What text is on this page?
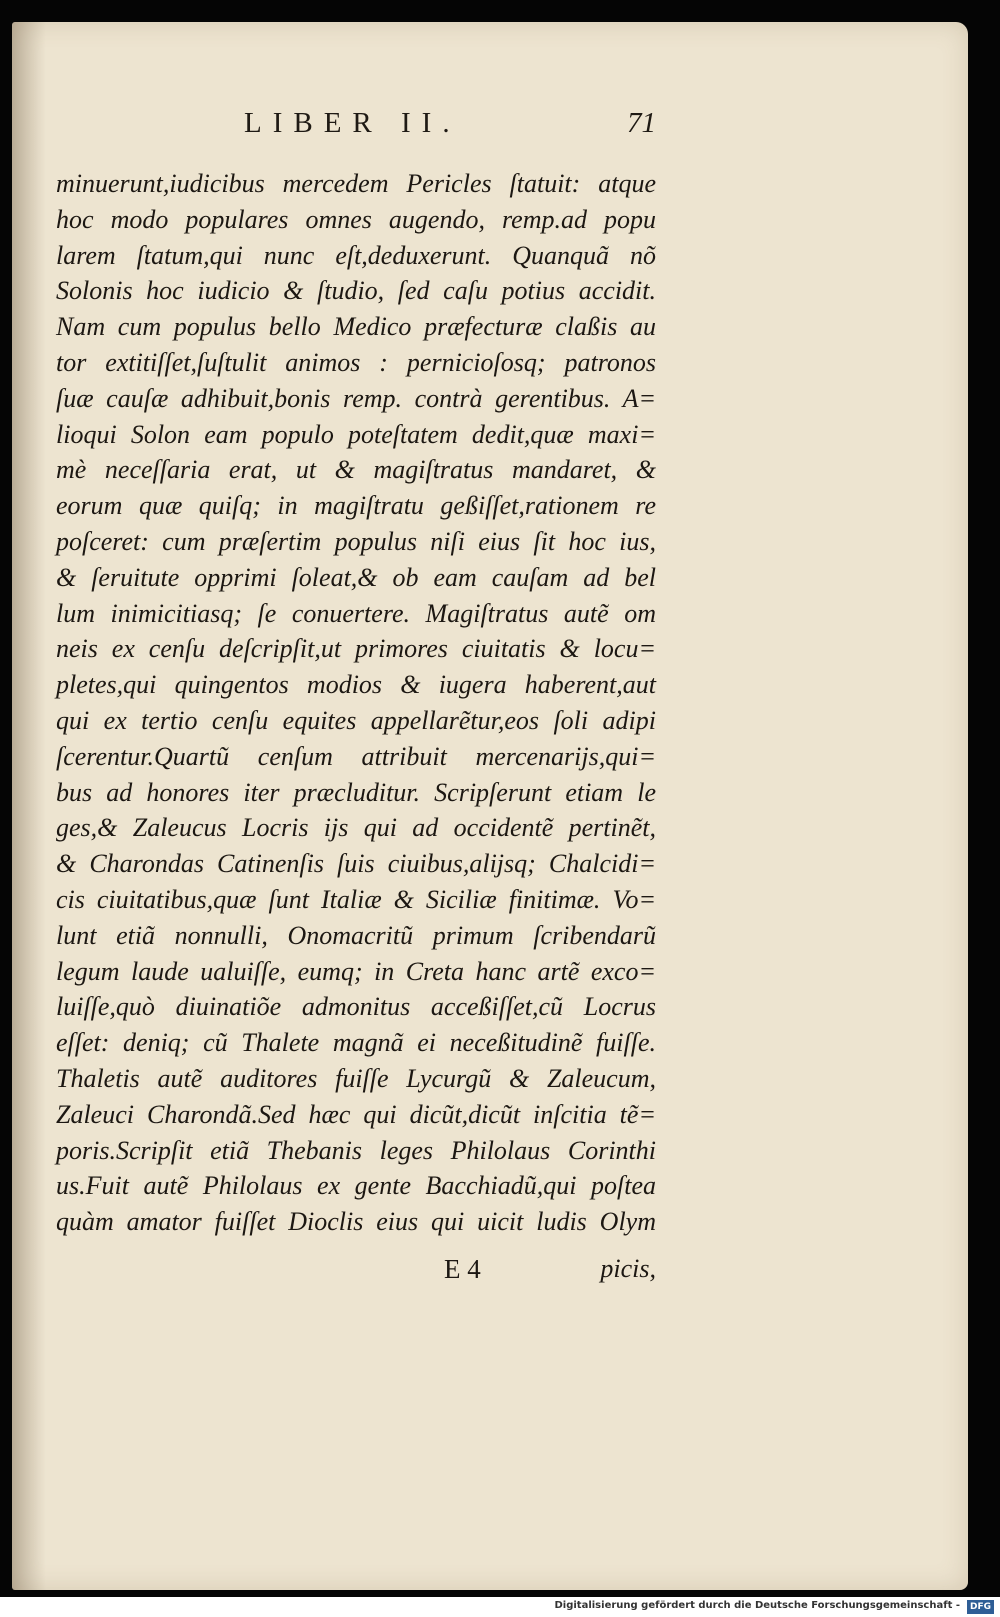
LIBER II.	71
minuerunt,iudicibus mercedem Pericles ſtatuit: atque
hoc modo populares omnes augendo, remp.ad popu
larem ſtatum,qui nunc eſt,deduxerunt. Quanquã nõ
Solonis hoc iudicio & ſtudio, ſed caſu potius accidit.
Nam cum populus bello Medico præfecturæ claßis au
tor extitiſſet,ſuſtulit animos : pernicioſosq; patronos
ſuæ cauſæ adhibuit,bonis remp. contrà gerentibus. A=
lioqui Solon eam populo poteſtatem dedit,quæ maxi=
mè neceſſaria erat, ut & magiſtratus mandaret, &
eorum quæ quiſq; in magiſtratu geßiſſet,rationem re
poſceret: cum præſertim populus niſi eius ſit hoc ius,
& ſeruitute opprimi ſoleat,& ob eam cauſam ad bel
lum inimicitiasq; ſe conuertere. Magiſtratus autẽ om
neis ex cenſu deſcripſit,ut primores ciuitatis & locu=
pletes,qui quingentos modios & iugera haberent,aut
qui ex tertio cenſu equites appellarẽtur,eos ſoli adipi
ſcerentur.Quartũ cenſum attribuit mercenarijs,qui=
bus ad honores iter præcluditur. Scripſerunt etiam le
ges,& Zaleucus Locris ijs qui ad occidentẽ pertinẽt,
& Charondas Catinenſis ſuis ciuibus,alijsq; Chalcidi=
cis ciuitatibus,quæ ſunt Italiæ & Siciliæ finitimæ. Vo=
lunt etiã nonnulli, Onomacritũ primum ſcribendarũ
legum laude ualuiſſe, eumq; in Creta hanc artẽ exco=
luiſſe,quò diuinatiõe admonitus acceßiſſet,cũ Locrus
eſſet: deniq; cũ Thalete magnã ei neceßitudinẽ fuiſſe.
Thaletis autẽ auditores fuiſſe Lycurgũ & Zaleucum,
Zaleuci Charondã.Sed hæc qui dicũt,dicũt inſcitia tẽ=
poris.Scripſit etiã Thebanis leges Philolaus Corinthi
us.Fuit autẽ Philolaus ex gente Bacchiadũ,qui poſtea
quàm amator fuiſſet Dioclis eius qui uicit ludis Olym
E 4	picis,
Digitalisierung gefördert durch die Deutsche Forschungsgemeinschaft -	DFG
